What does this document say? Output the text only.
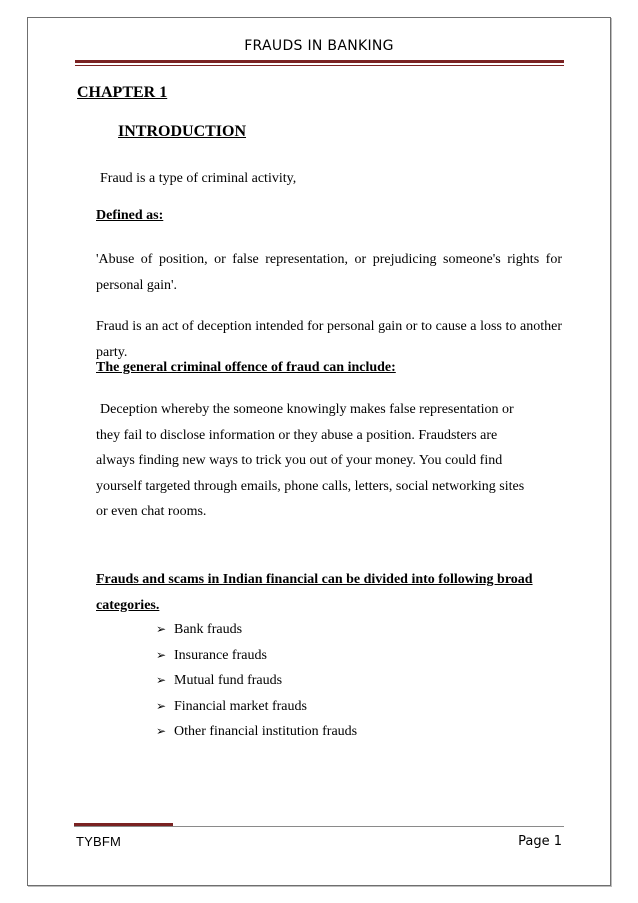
FRAUDS IN BANKING
CHAPTER 1
INTRODUCTION
Fraud is a type of criminal activity,
Defined as:
'Abuse of position, or false representation, or prejudicing someone's rights for personal gain'.
Fraud is an act of deception intended for personal gain or to cause a loss to another party.
The general criminal offence of fraud can include:
Deception whereby the someone knowingly makes false representation or
they fail to disclose information or they abuse a position. Fraudsters are
always finding new ways to trick you out of your money. You could find
yourself targeted through emails, phone calls, letters, social networking sites
or even chat rooms.
Frauds and scams in Indian financial can be divided into following broad categories.
➢ Bank frauds
➢ Insurance frauds
➢ Mutual fund frauds
➢ Financial market frauds
➢ Other financial institution frauds
TYBFM	Page 1
